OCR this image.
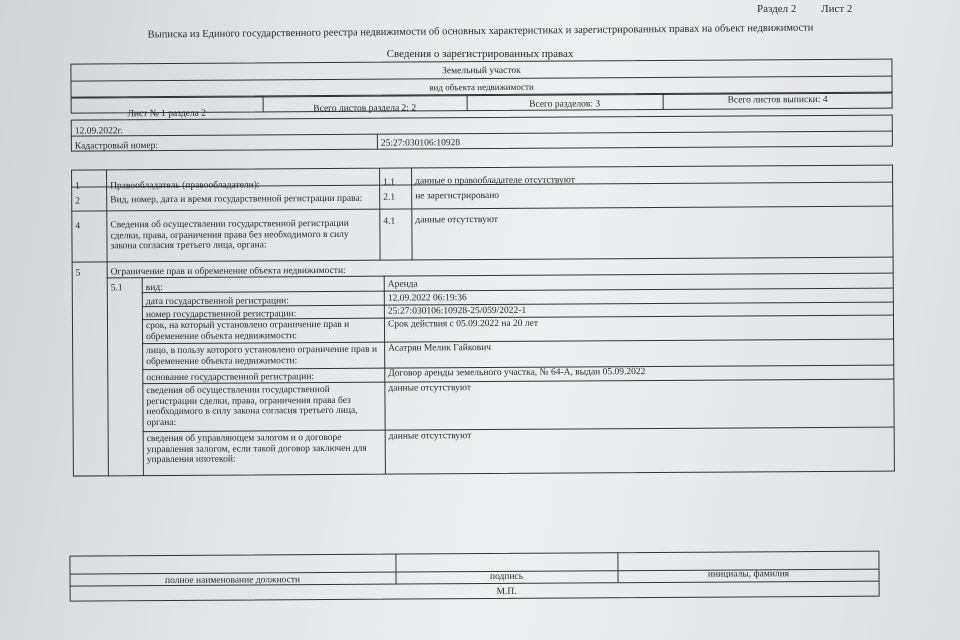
Раздел 2 Лист 2
Выписка из Единого государственного реестра недвижимости об основных характеристиках и зарегистрированных правах на объект недвижимости
Сведения о зарегистрированных правах
Земельный участок
вид объекта недвижимости
Лист № 1 раздела 2	Всего листов раздела 2: 2	Всего разделов: 3	Всего листов выписки: 4
12.09.2022г.
Кадастровый номер:	25:27:030106:10928
1	Правообладатель (правообладатели):	1.1 данные о правообладателе отсутствуют
2	Вид, номер, дата и время государственной регистрации права:	2.1 не зарегистрировано
4	Сведения об осуществлении государственной регистрации сделки, права, ограничения права без необходимого в силу закона согласия третьего лица, органа:
4.1 данные отсутствуют
5	Ограничение прав и обременение объекта недвижимости:
5.1 вид:	Аренда
дата государственной регистрации:	12.09.2022 06:19:36
номер государственной регистрации:	25:27:030106:10928-25/059/2022-1
срок, на который установлено ограничение прав и обременение объекта недвижимости:
Срок действия с 05.09.2022 на 20 лет
лицо, в пользу которого установлено ограничение прав и обременение объекта недвижимости:
Асатрян Мелик Гайкович
основание государственной регистрации:	Договор аренды земельного участка, № 64-А, выдан 05.09.2022
сведения об осуществлении государственной регистрации сделки, права, ограничения права без необходимого в силу закона согласия третьего лица, органа:
данные отсутствуют
сведения об управляющем залогом и о договоре управления залогом, если такой договор заключен для управления ипотекой:
данные отсутствуют
полное наименование должности	подпись	инициалы, фамилия
М.П.
